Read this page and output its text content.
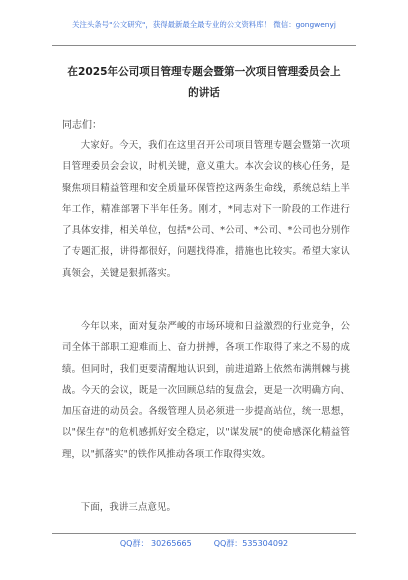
关注头条号"公文研究"，获得最新最全最专业的公文资料库！ 微信：gongwenyj
在2025年公司项目管理专题会暨第一次项目管理委员会上
的讲话
同志们：

大家好。今天，我们在这里召开公司项目管理专题会暨第一次项目管理委员会会议，时机关键，意义重大。本次会议的核心任务，是聚焦项目精益管理和安全质量环保管控这两条生命线，系统总结上半年工作，精准部署下半年任务。刚才，*同志对下一阶段的工作进行了具体安排，相关单位，包括*公司、*公司、*公司、*公司也分别作了专题汇报，讲得都很好，问题找得准，措施也比较实。希望大家认真领会，关键是狠抓落实。

今年以来，面对复杂严峻的市场环境和日益激烈的行业竞争，公司全体干部职工迎难而上、奋力拼搏，各项工作取得了来之不易的成绩。但同时，我们更要清醒地认识到，前进道路上依然布满荆棘与挑战。今天的会议，既是一次回顾总结的复盘会，更是一次明确方向、加压奋进的动员会。各级管理人员必须进一步提高站位，统一思想，以"保生存"的危机感抓好安全稳定，以"谋发展"的使命感深化精益管理，以"抓落实"的铁作风推动各项工作取得实效。

下面，我讲三点意见。

QQ群： 30265665	QQ群：535304092
